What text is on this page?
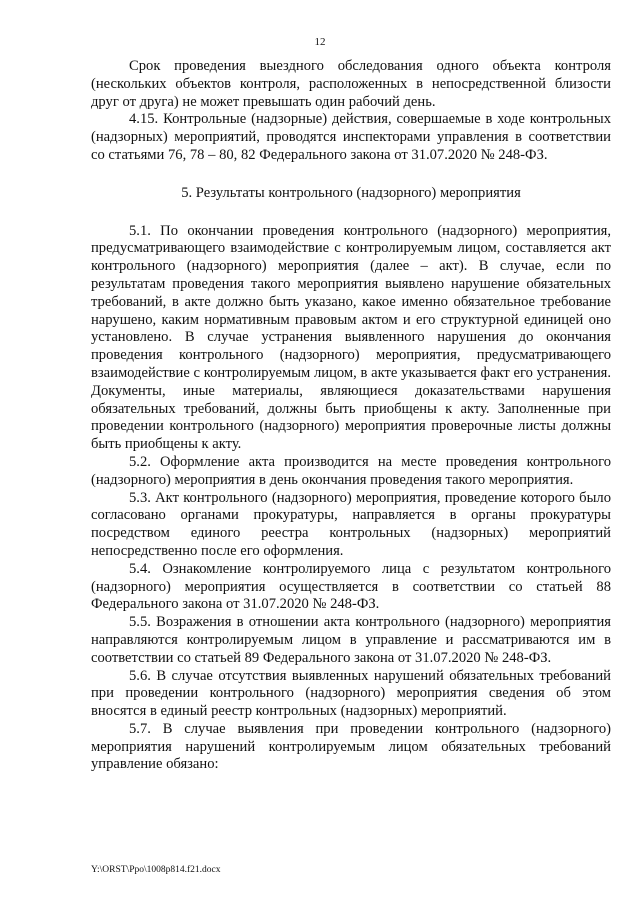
12

Срок проведения выездного обследования одного объекта контроля (нескольких объектов контроля, расположенных в непосредственной близости друг от друга) не может превышать один рабочий день.

4.15. Контрольные (надзорные) действия, совершаемые в ходе контрольных (надзорных) мероприятий, проводятся инспекторами управления в соответствии со статьями 76, 78 – 80, 82 Федерального закона от 31.07.2020 № 248-ФЗ.

5. Результаты контрольного (надзорного) мероприятия

5.1. По окончании проведения контрольного (надзорного) мероприятия, предусматривающего взаимодействие с контролируемым лицом, составляется акт контрольного (надзорного) мероприятия (далее – акт). В случае, если по результатам проведения такого мероприятия выявлено нарушение обязательных требований, в акте должно быть указано, какое именно обязательное требование нарушено, каким нормативным правовым актом и его структурной единицей оно установлено. В случае устранения выявленного нарушения до окончания проведения контрольного (надзорного) мероприятия, предусматривающего взаимодействие с контролируемым лицом, в акте указывается факт его устранения. Документы, иные материалы, являющиеся доказательствами нарушения обязательных требований, должны быть приобщены к акту. Заполненные при проведении контрольного (надзорного) мероприятия проверочные листы должны быть приобщены к акту.

5.2. Оформление акта производится на месте проведения контрольного (надзорного) мероприятия в день окончания проведения такого мероприятия.

5.3. Акт контрольного (надзорного) мероприятия, проведение которого было согласовано органами прокуратуры, направляется в органы прокуратуры посредством единого реестра контрольных (надзорных) мероприятий непосредственно после его оформления.

5.4. Ознакомление контролируемого лица с результатом контрольного (надзорного) мероприятия осуществляется в соответствии со статьей 88 Федерального закона от 31.07.2020 № 248-ФЗ.

5.5. Возражения в отношении акта контрольного (надзорного) мероприятия направляются контролируемым лицом в управление и рассматриваются им в соответствии со статьей 89 Федерального закона от 31.07.2020 № 248-ФЗ.

5.6. В случае отсутствия выявленных нарушений обязательных требований при проведении контрольного (надзорного) мероприятия сведения об этом вносятся в единый реестр контрольных (надзорных) мероприятий.

5.7. В случае выявления при проведении контрольного (надзорного) мероприятия нарушений контролируемым лицом обязательных требований управление обязано:

Y:\ORST\Ppo\1008p814.f21.docx
